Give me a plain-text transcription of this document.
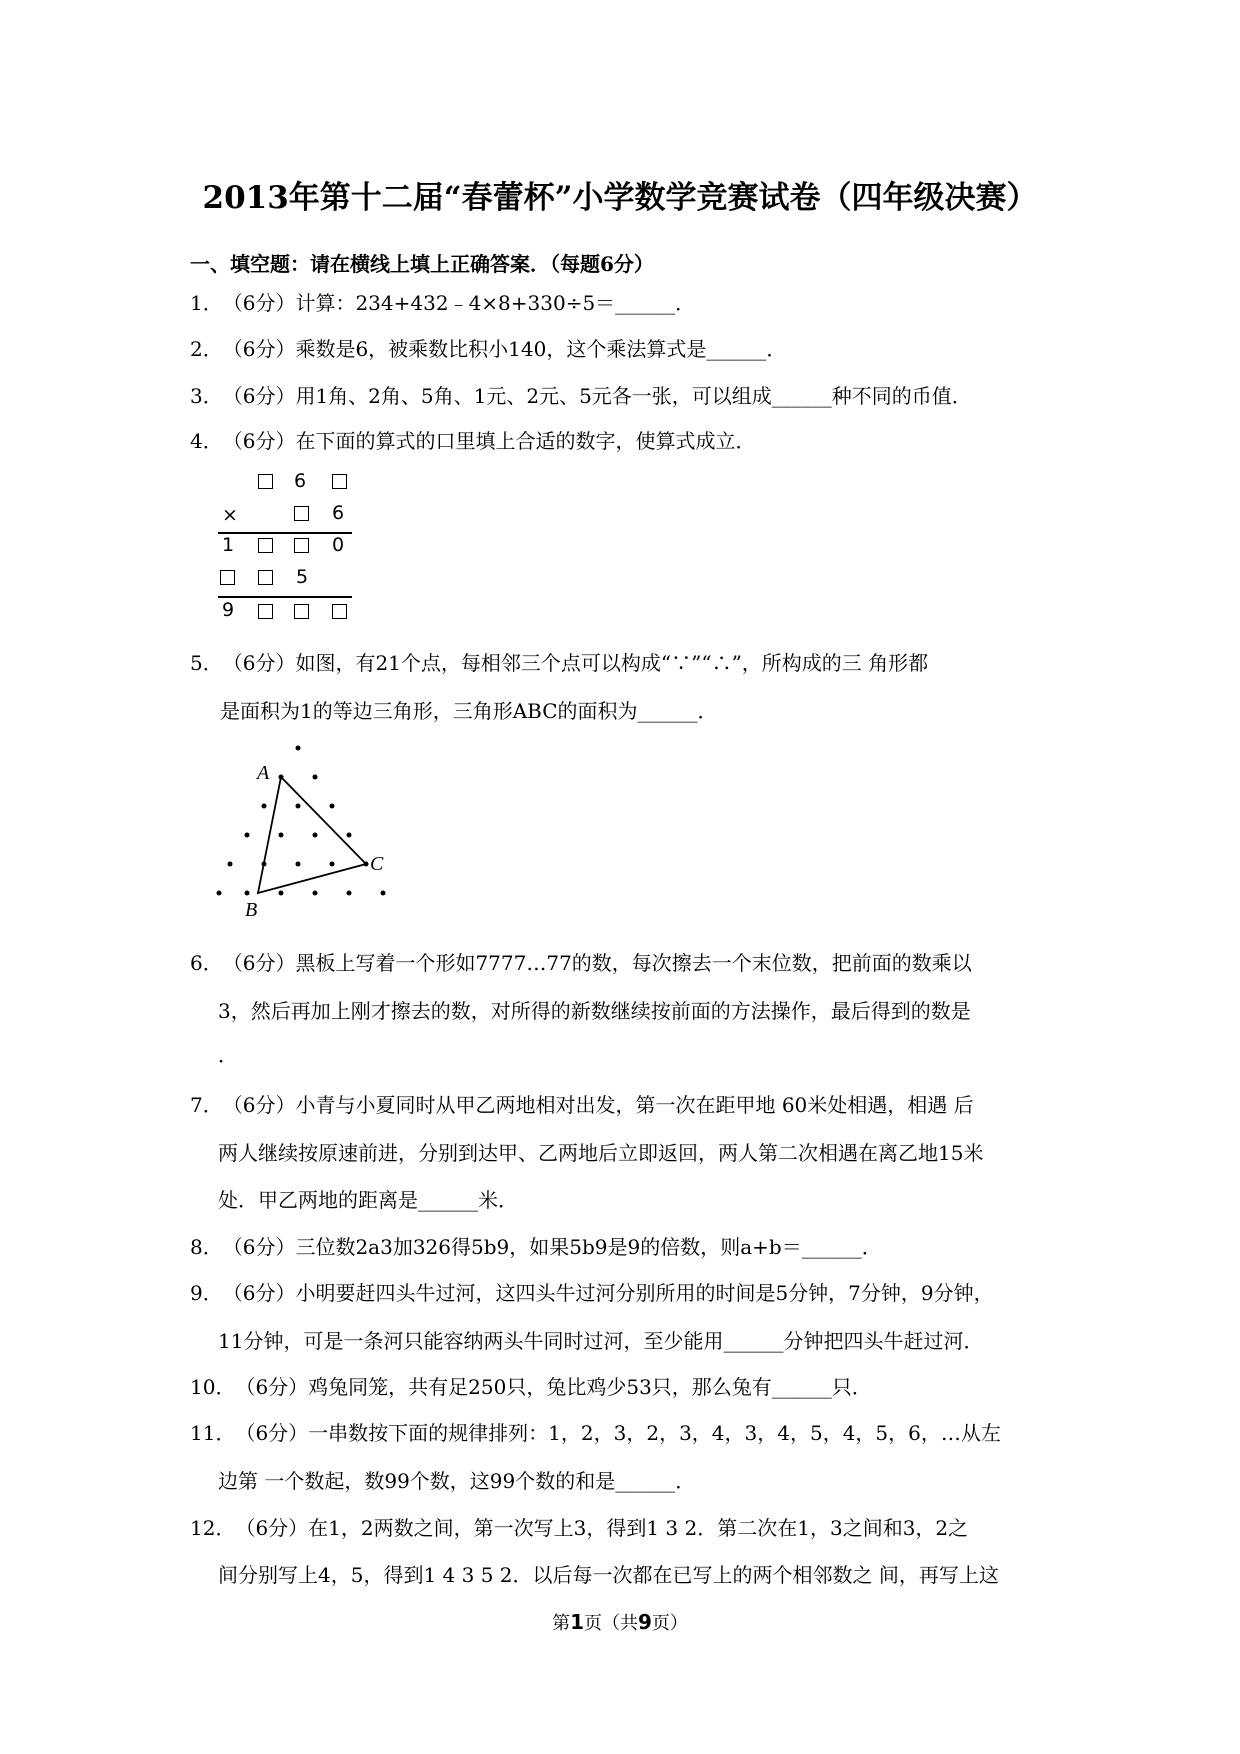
2013年第十二届“春蕾杯”小学数学竞赛试卷（四年级决赛）
一、填空题：请在横线上填上正确答案．（每题6分）
1．（6分）计算：234+432﹣4×8+330÷5＝______．
2．（6分）乘数是6，被乘数比积小140，这个乘法算式是______．
3．（6分）用1角、2角、5角、1元、2元、5元各一张，可以组成______种不同的币值．
4．（6分）在下面的算式的口里填上合适的数字，使算式成立．
6
×	6
1	0
5
9
5．（6分）如图，有21个点，每相邻三个点可以构成“∵”“∴”，所构成的三 角形都
是面积为1的等边三角形，三角形ABC的面积为______．
A
B
C
6．（6分）黑板上写着一个形如7777…77的数，每次擦去一个末位数，把前面的数乘以
3，然后再加上刚才擦去的数，对所得的新数继续按前面的方法操作，最后得到的数是
．
7．（6分）小青与小夏同时从甲乙两地相对出发，第一次在距甲地 60米处相遇，相遇 后
两人继续按原速前进，分别到达甲、乙两地后立即返回，两人第二次相遇在离乙地15米
处．甲乙两地的距离是______米．
8．（6分）三位数2a3加326得5b9，如果5b9是9的倍数，则a+b＝______．
9．（6分）小明要赶四头牛过河，这四头牛过河分别所用的时间是5分钟，7分钟，9分钟，
11分钟，可是一条河只能容纳两头牛同时过河，至少能用______分钟把四头牛赶过河．
10．（6分）鸡兔同笼，共有足250只，兔比鸡少53只，那么兔有______只．
11．（6分）一串数按下面的规律排列：1，2，3，2，3，4，3，4，5，4，5，6，…从左
边第 一个数起，数99个数，这99个数的和是______．
12．（6分）在1，2两数之间，第一次写上3，得到1 3 2．第二次在1，3之间和3，2之
间分别写上4，5，得到1 4 3 5 2．以后每一次都在已写上的两个相邻数之 间，再写上这
第1页（共9页）
